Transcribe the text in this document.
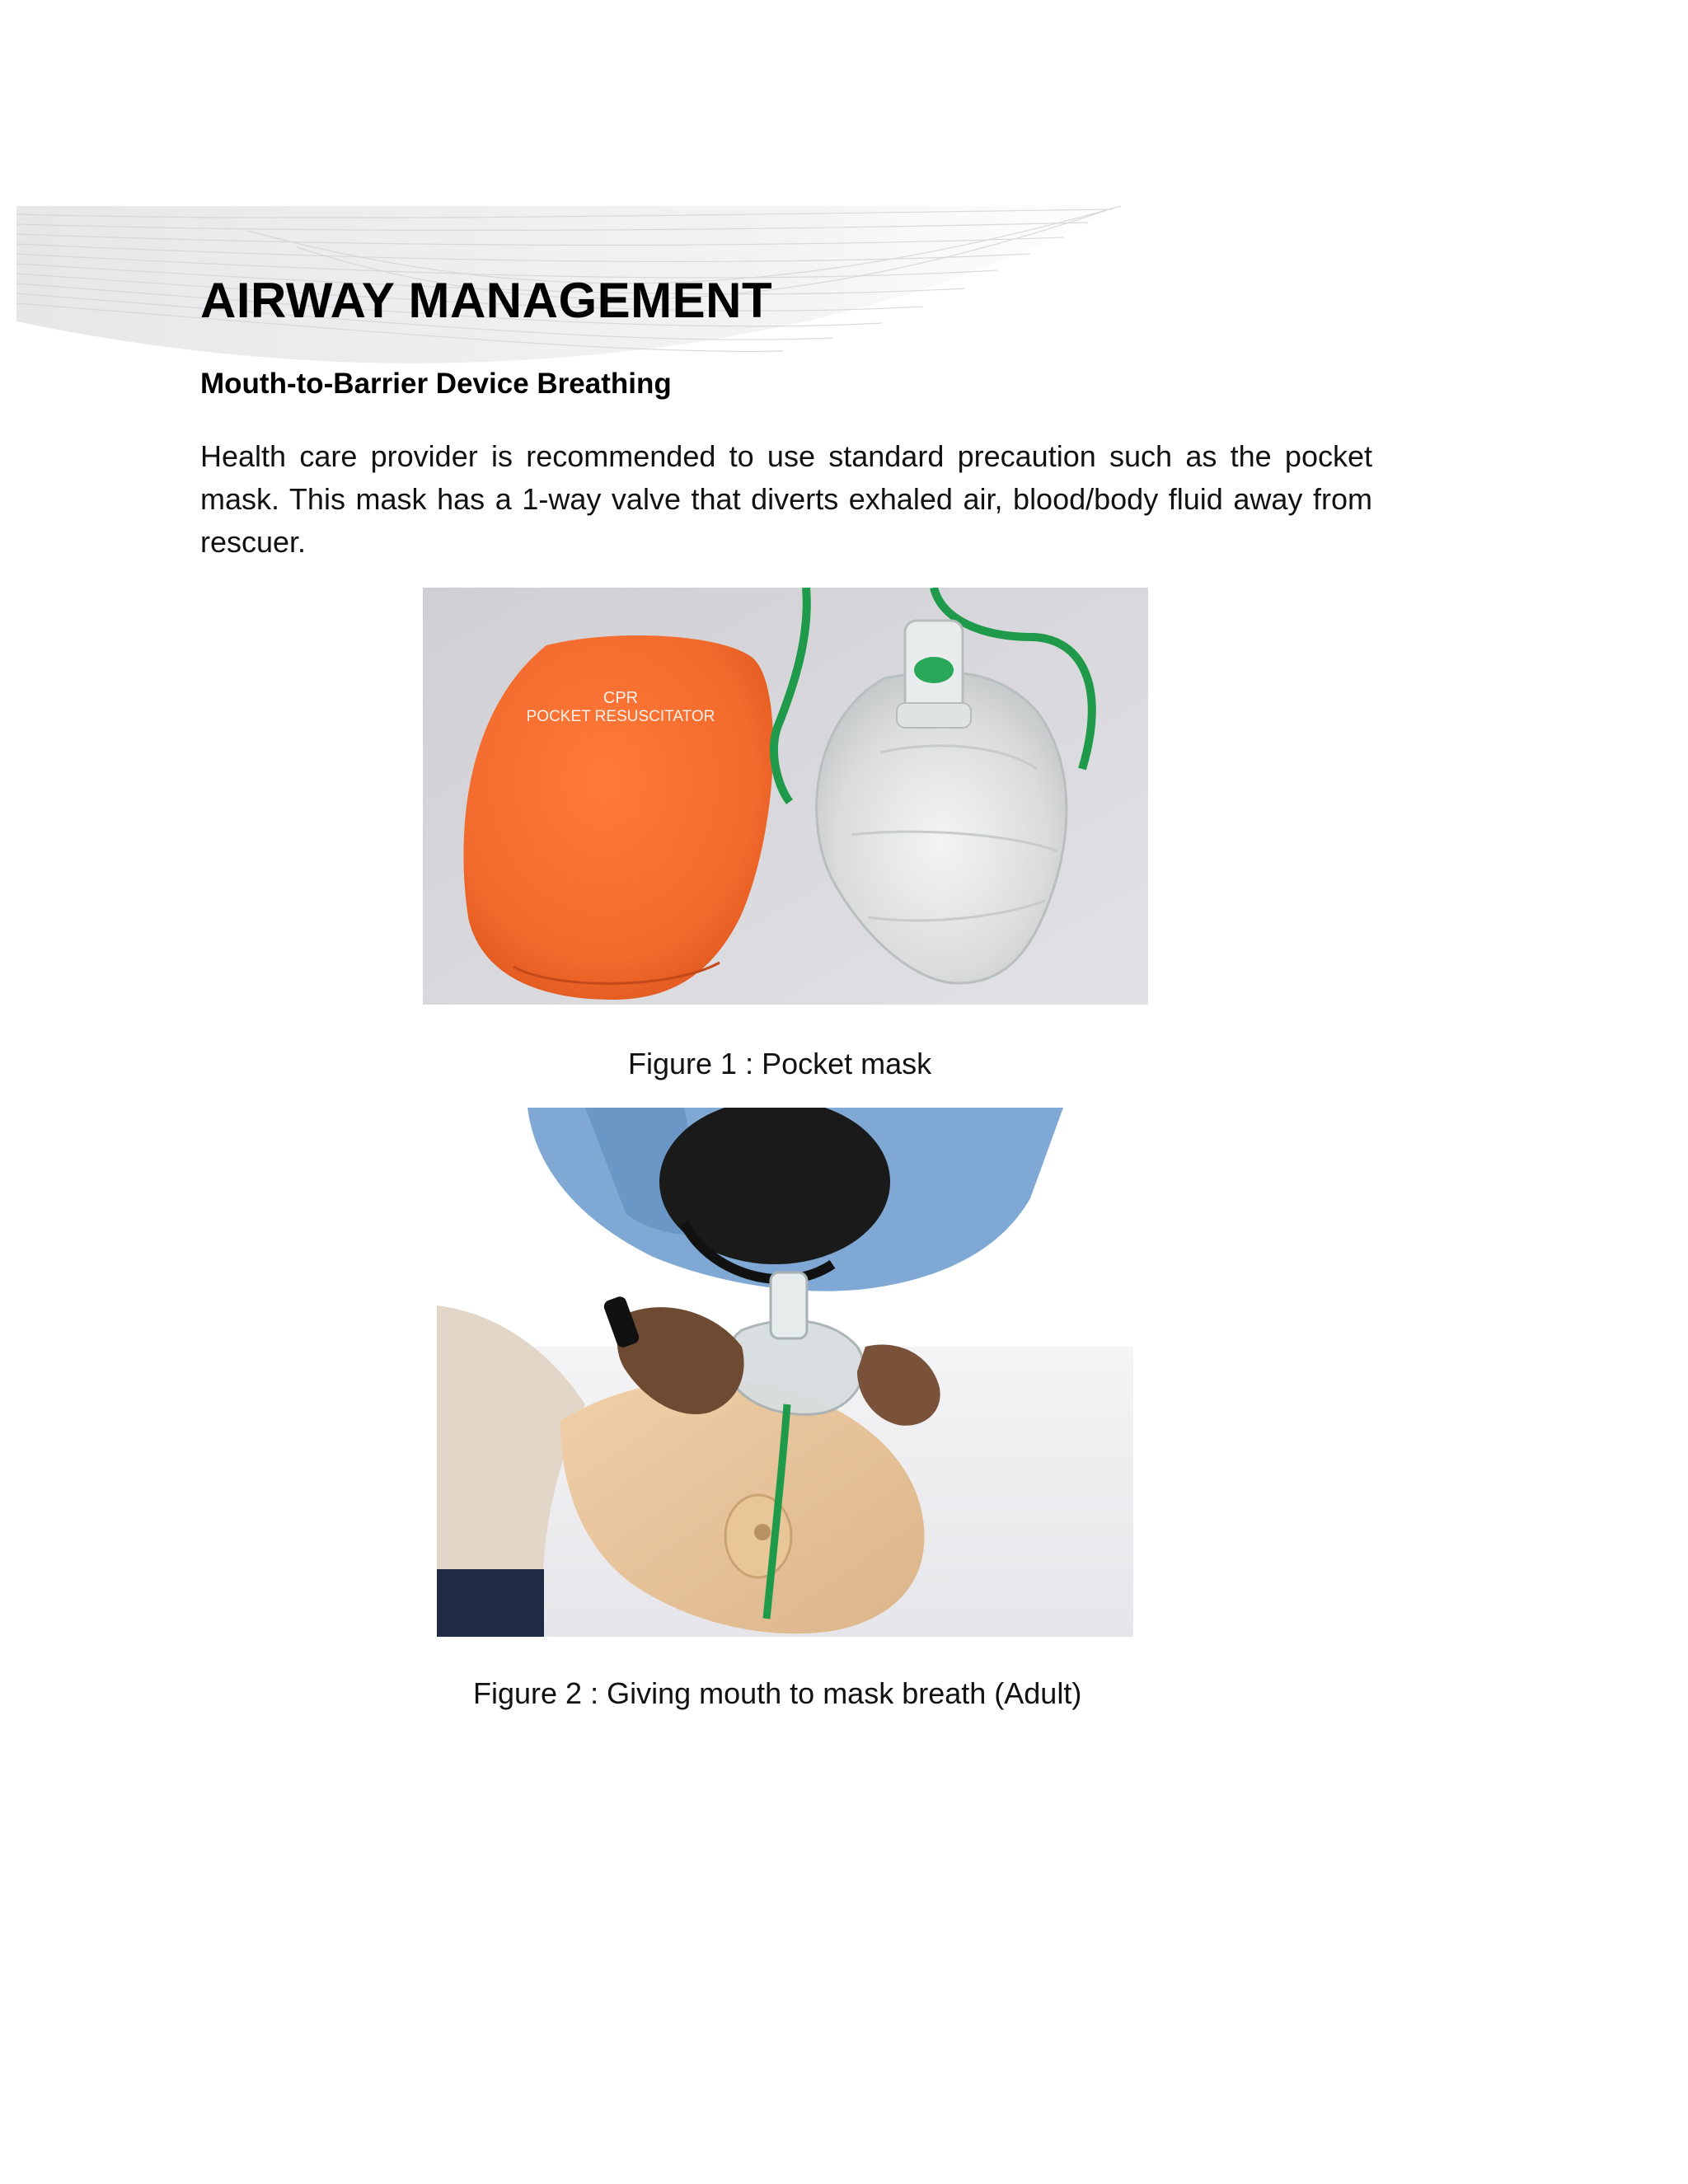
AIRWAY MANAGEMENT
Mouth-to-Barrier Device Breathing

Health care provider is recommended to use standard precaution such as the pocket mask. This mask has a 1-way valve that diverts exhaled air, blood/body fluid away from rescuer.

CPR
POCKET RESUSCITATOR

Figure 1 : Pocket mask

Figure 2 : Giving mouth to mask breath (Adult)
